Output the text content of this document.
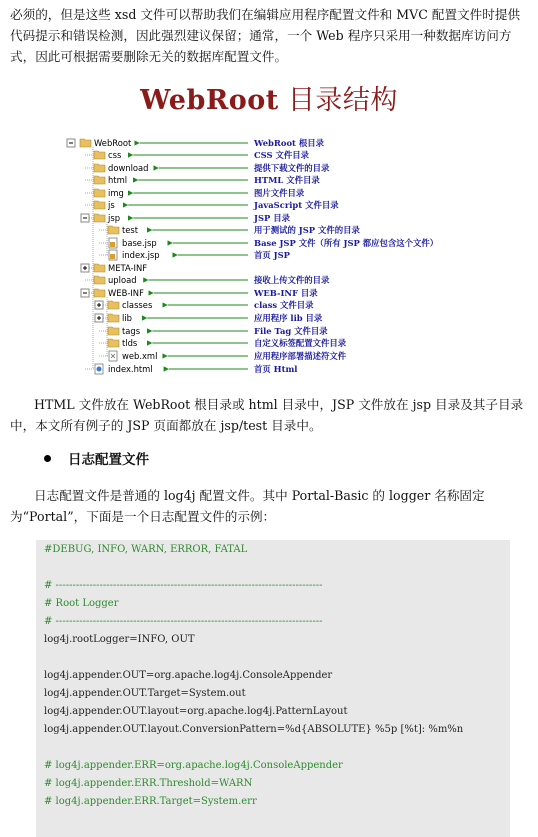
必须的，但是这些 xsd 文件可以帮助我们在编辑应用程序配置文件和 MVC 配置文件时提供代码提示和错误检测，因此强烈建议保留；通常，一个 Web 程序只采用一种数据库访问方式，因此可根据需要删除无关的数据库配置文件。

WebRoot 目录结构
WebRoot	WebRoot 根目录
css	CSS 文件目录
download	提供下载文件的目录
html	HTML 文件目录
img	图片文件目录
js	JavaScript 文件目录
jsp	JSP 目录
test	用于测试的 JSP 文件的目录
base.jsp	Base JSP 文件（所有 JSP 都应包含这个文件）
index.jsp	首页 JSP
META-INF
upload	接收上传文件的目录
WEB-INF	WEB-INF 目录
classes	class 文件目录
lib	应用程序 lib 目录
tags	File Tag 文件目录
tlds	自定义标签配置文件目录
web.xml	应用程序部署描述符文件
index.html	首页 Html

HTML 文件放在 WebRoot 根目录或 html 目录中，JSP 文件放在 jsp 目录及其子目录中，本文所有例子的 JSP 页面都放在 jsp/test 目录中。

日志配置文件

日志配置文件是普通的 log4j 配置文件。其中 Portal-Basic 的 logger 名称固定为“Portal”，下面是一个日志配置文件的示例：

#DEBUG, INFO, WARN, ERROR, FATAL
# -------------------------------------------------------------------------------
# Root Logger
# -------------------------------------------------------------------------------
log4j.rootLogger=INFO, OUT
log4j.appender.OUT=org.apache.log4j.ConsoleAppender
log4j.appender.OUT.Target=System.out
log4j.appender.OUT.layout=org.apache.log4j.PatternLayout
log4j.appender.OUT.layout.ConversionPattern=%d{ABSOLUTE} %5p [%t]: %m%n
# log4j.appender.ERR=org.apache.log4j.ConsoleAppender
# log4j.appender.ERR.Threshold=WARN
# log4j.appender.ERR.Target=System.err
